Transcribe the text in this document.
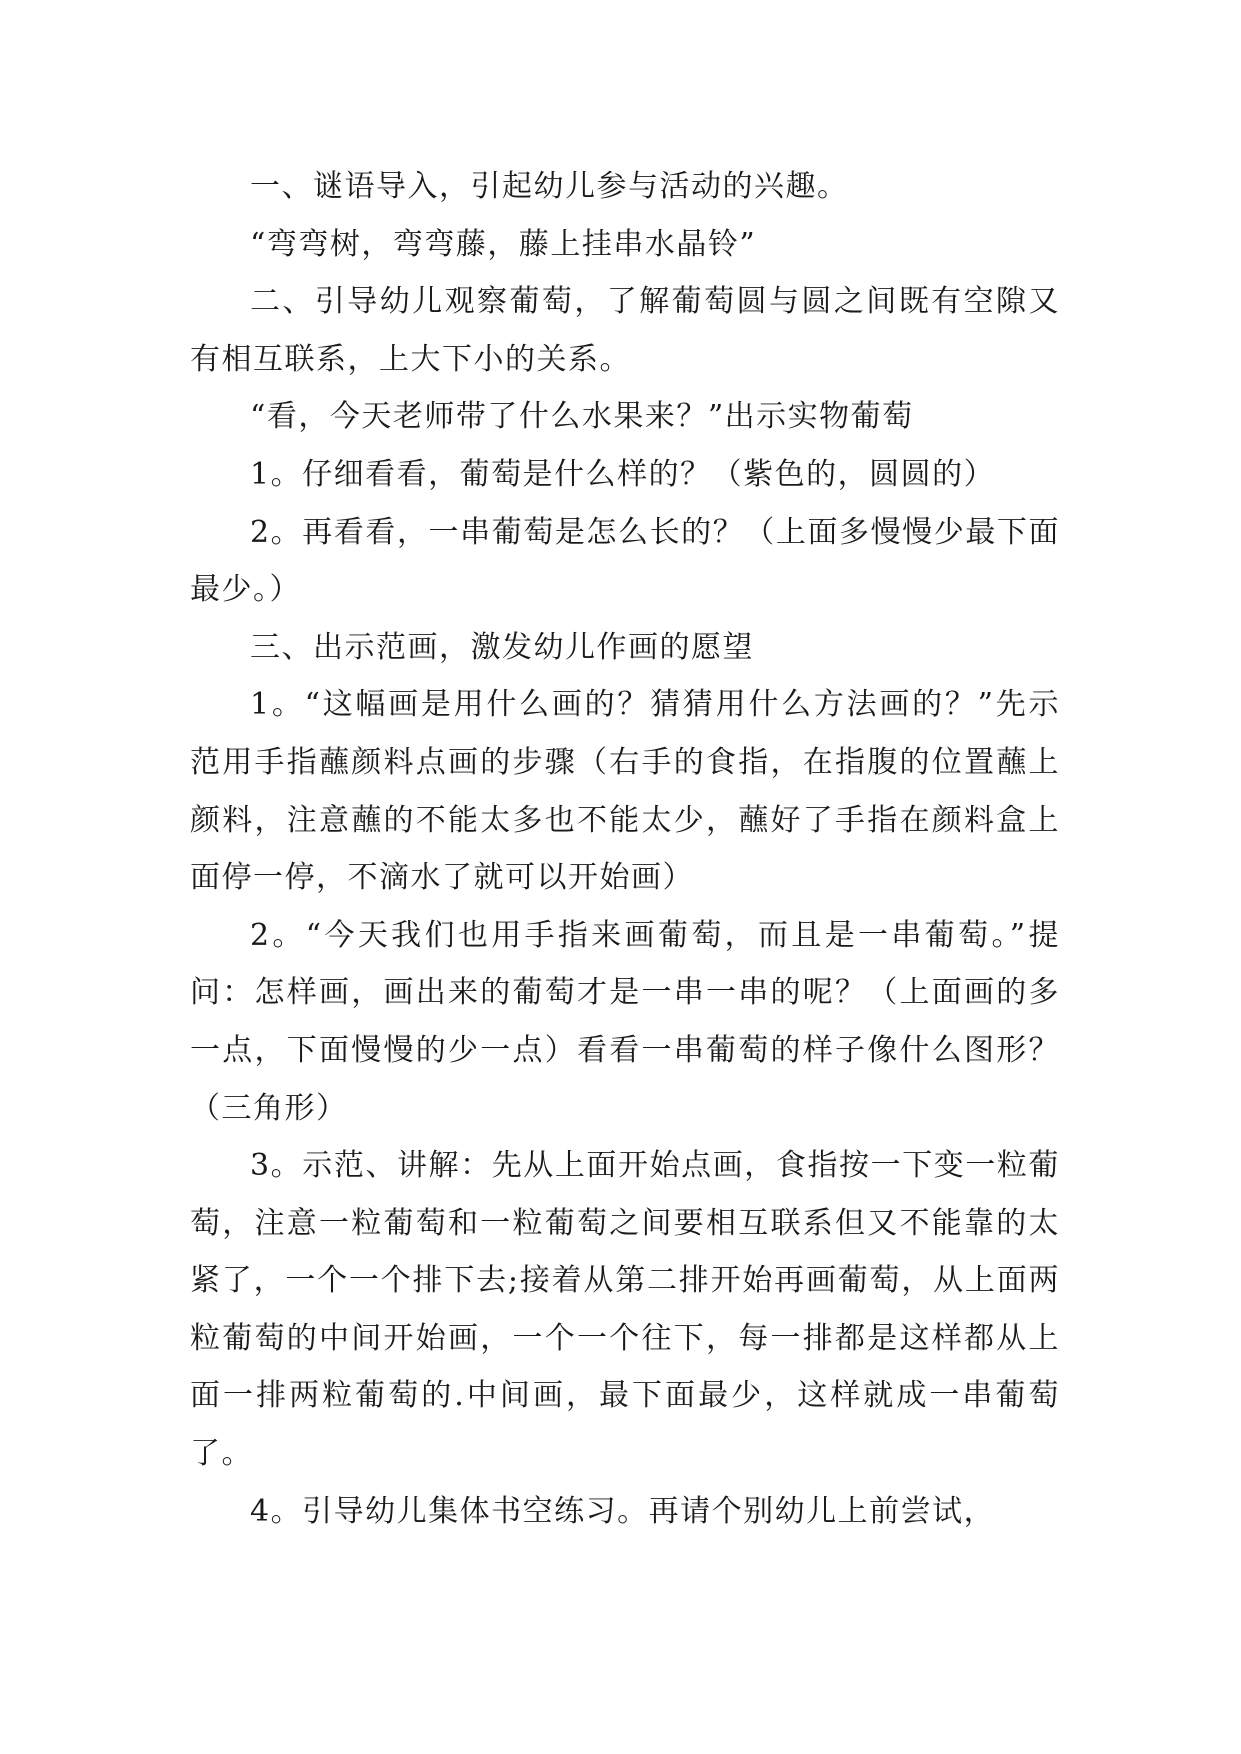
一、谜语导入，引起幼儿参与活动的兴趣。

“弯弯树，弯弯藤，藤上挂串水晶铃”

二、引导幼儿观察葡萄，了解葡萄圆与圆之间既有空隙又有相互联系，上大下小的关系。

“看，今天老师带了什么水果来？”出示实物葡萄

1。仔细看看，葡萄是什么样的？（紫色的，圆圆的）

2。再看看，一串葡萄是怎么长的？（上面多慢慢少最下面最少。）

三、出示范画，激发幼儿作画的愿望

1。“这幅画是用什么画的？猜猜用什么方法画的？”先示范用手指蘸颜料点画的步骤（右手的食指，在指腹的位置蘸上颜料，注意蘸的不能太多也不能太少，蘸好了手指在颜料盒上面停一停，不滴水了就可以开始画）

2。“今天我们也用手指来画葡萄，而且是一串葡萄。”提问：怎样画，画出来的葡萄才是一串一串的呢？（上面画的多一点，下面慢慢的少一点）看看一串葡萄的样子像什么图形？（三角形）

3。示范、讲解：先从上面开始点画，食指按一下变一粒葡萄，注意一粒葡萄和一粒葡萄之间要相互联系但又不能靠的太紧了，一个一个排下去;接着从第二排开始再画葡萄，从上面两粒葡萄的中间开始画，一个一个往下，每一排都是这样都从上面一排两粒葡萄的.中间画，最下面最少，这样就成一串葡萄了。

4。引导幼儿集体书空练习。再请个别幼儿上前尝试，
